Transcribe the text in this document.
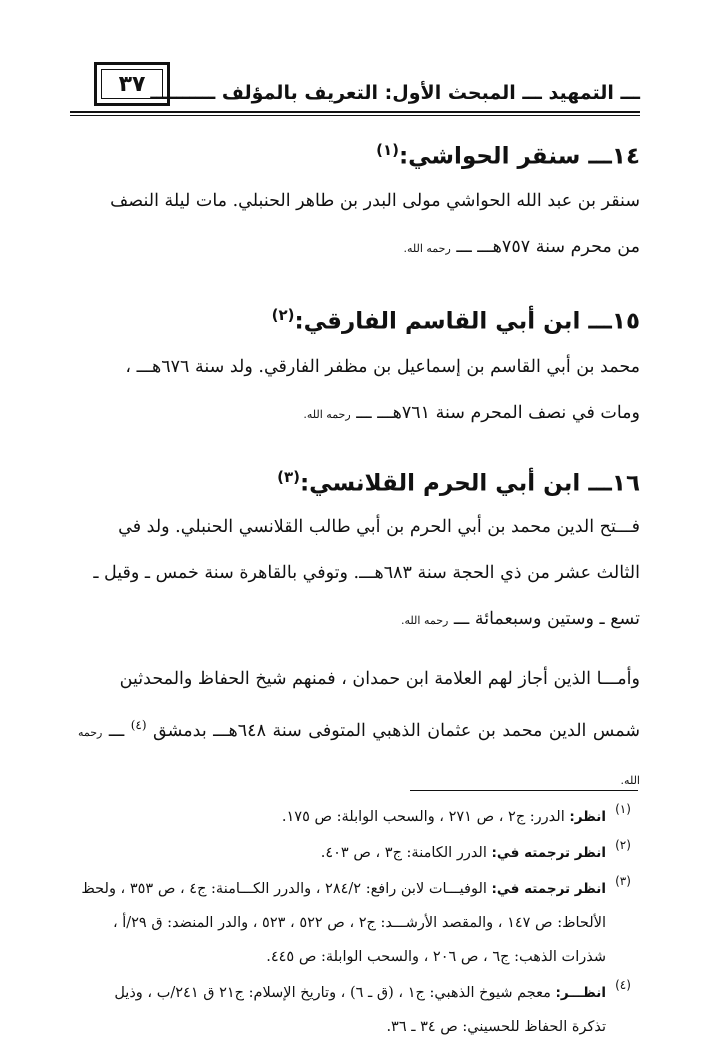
٣٧ ـــ التمهيد ـــ المبحث الأول: التعريف بالمؤلف ــــــــــ
١٤ـــ سنقر الحواشي:$^{(١)}$
سنقر بن عبد الله الحواشي مولى البدر بن طاهر الحنبلي. مات ليلة النصف
من محرم سنة ٧٥٧هـــ ـــ رحمه الله.
١٥ـــ ابن أبي القاسم الفارقي:$^{(٢)}$
محمد بن أبي القاسم بن إسماعيل بن مظفر الفارقي. ولد سنة ٦٧٦هـــ ،
ومات في نصف المحرم سنة ٧٦١هـــ ـــ رحمه الله.
١٦ـــ ابن أبي الحرم القلانسي:$^{(٣)}$
فـــتح الدين محمد بن أبي الحرم بن أبي طالب القلانسي الحنبلي. ولد في
الثالث عشر من ذي الحجة سنة ٦٨٣هـــ. وتوفي بالقاهرة سنة خمس ـ وقيل ـ
تسع ـ وستين وسبعمائة ـــ رحمه الله.
وأمـــا الذين أجاز لهم العلامة ابن حمدان ، فمنهم شيخ الحفاظ والمحدثين
شمس الدين محمد بن عثمان الذهبي المتوفى سنة ٦٤٨هـــ بدمشق $^{(٤)}$ ـــ رحمه الله.
(١)
انظر: الدرر: ج٢ ، ص ٢٧١ ، والسحب الوابلة: ص ١٧٥.
(٢)
انظر ترجمته في: الدرر الكامنة: ج٣ ، ص ٤٠٣.
(٣)
انظر ترجمته في: الوفيـــات لابن رافع: ٢٨٤/٢ ، والدرر الكـــامنة: ج٤ ، ص ٣٥٣ ، ولحظ
الألحاظ: ص ١٤٧ ، والمقصد الأرشـــد: ج٢ ، ص ٥٢٢ ، ٥٢٣ ، والدر المنضد: ق ٢٩/أ ،
شذرات الذهب: ج٦ ، ص ٢٠٦ ، والسحب الوابلة: ص ٤٤٥.
(٤)
انظـــر: معجم شيوخ الذهبي: ج١ ، (ق ـ ٦) ، وتاريخ الإسلام: ج٢١ ق ٢٤١/ب ، وذيل
تذكرة الحفاظ للحسيني: ص ٣٤ ـ ٣٦.
